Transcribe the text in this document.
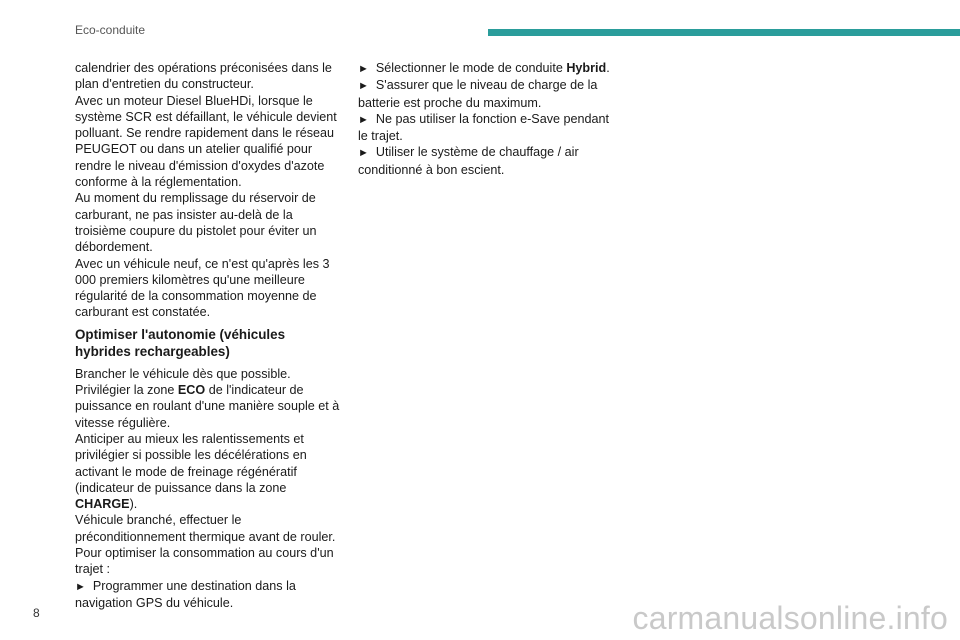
Eco-conduite

calendrier des opérations préconisées dans le plan d'entretien du constructeur.

Avec un moteur Diesel BlueHDi, lorsque le système SCR est défaillant, le véhicule devient polluant. Se rendre rapidement dans le réseau PEUGEOT ou dans un atelier qualifié pour rendre le niveau d'émission d'oxydes d'azote conforme à la réglementation.

Au moment du remplissage du réservoir de carburant, ne pas insister au-delà de la troisième coupure du pistolet pour éviter un débordement.

Avec un véhicule neuf, ce n'est qu'après les 3 000 premiers kilomètres qu'une meilleure régularité de la consommation moyenne de carburant est constatée.

Optimiser l'autonomie (véhicules hybrides rechargeables)

Brancher le véhicule dès que possible.

Privilégier la zone ECO de l'indicateur de puissance en roulant d'une manière souple et à vitesse régulière.

Anticiper au mieux les ralentissements et privilégier si possible les décélérations en activant le mode de freinage régénératif (indicateur de puissance dans la zone CHARGE).

Véhicule branché, effectuer le préconditionnement thermique avant de rouler.

Pour optimiser la consommation au cours d'un trajet :

► Programmer une destination dans la navigation GPS du véhicule.

► Sélectionner le mode de conduite Hybrid.

► S'assurer que le niveau de charge de la batterie est proche du maximum.

► Ne pas utiliser la fonction e-Save pendant le trajet.

► Utiliser le système de chauffage / air conditionné à bon escient.

8	carmanualsonline.info
